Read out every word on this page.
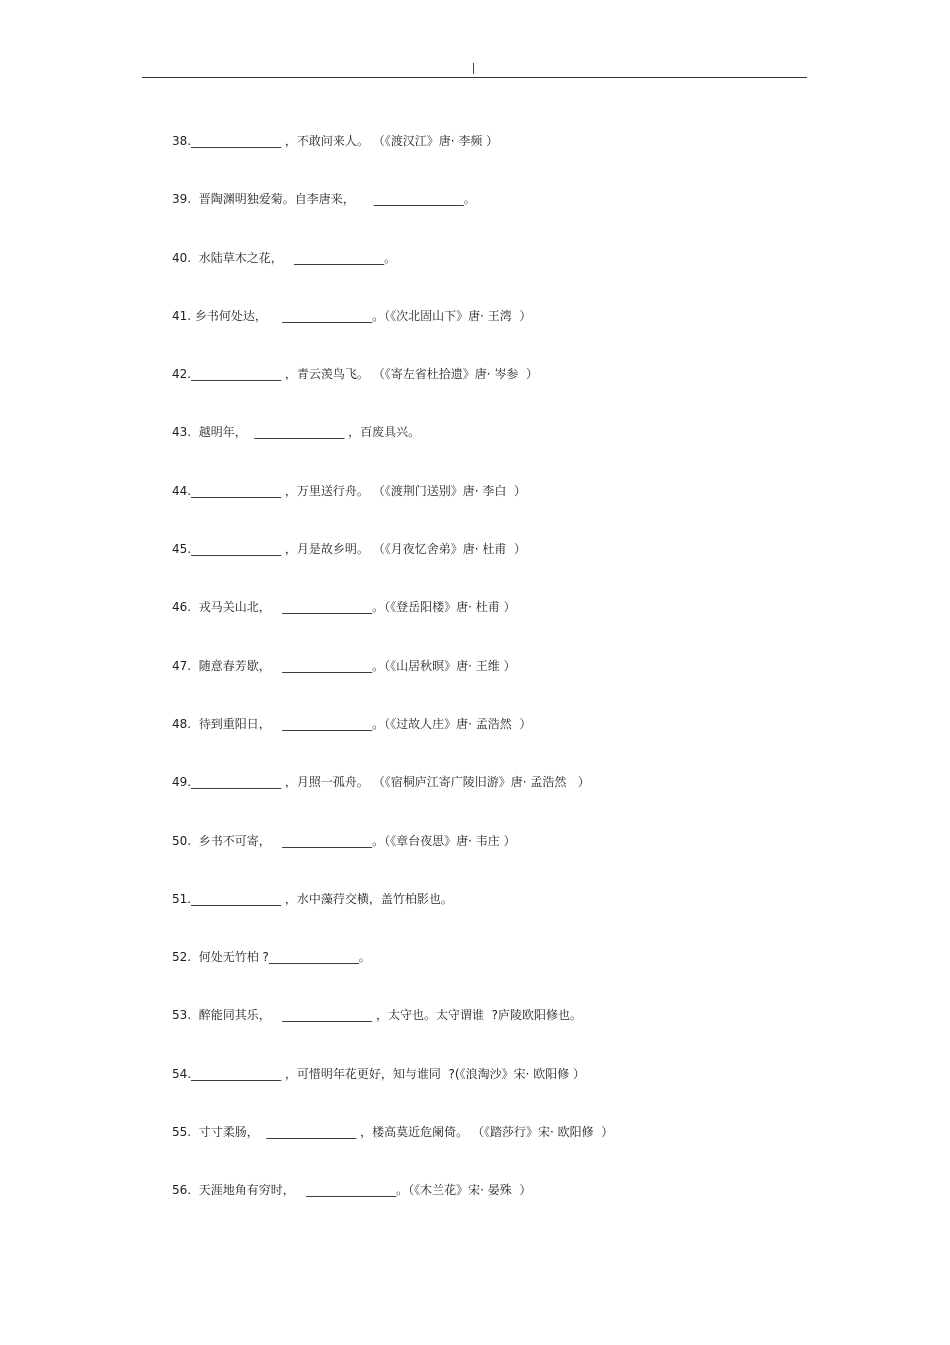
38._______________ ，不敢问来人。 （《渡汉江》唐· 李频 ）
39.  晋陶渊明独爱菊。自李唐来，     _______________。
40.  水陆草木之花，   _______________。
41. 乡书何处达，    _______________。（《次北固山下》唐· 王湾  ）
42._______________ ，青云羡鸟飞。 （《寄左省杜拾遗》唐· 岑参  ）
43.  越明年，  _______________ ，百废具兴。
44._______________ ，万里送行舟。 （《渡荆门送别》唐· 李白  ）
45._______________ ，月是故乡明。 （《月夜忆舍弟》唐· 杜甫  ）
46.  戎马关山北，   _______________。（《登岳阳楼》唐· 杜甫 ）
47.  随意春芳歇，   _______________。（《山居秋暝》唐· 王维 ）
48.  待到重阳日，   _______________。（《过故人庄》唐· 孟浩然  ）
49._______________ ，月照一孤舟。 （《宿桐庐江寄广陵旧游》唐· 孟浩然   ）
50.  乡书不可寄，   _______________。（《章台夜思》唐· 韦庄 ）
51._______________ ，水中藻荇交横，盖竹柏影也。
52.  何处无竹柏 ?_______________。
53.  醉能同其乐，   _______________ ，太守也。太守谓谁  ?庐陵欧阳修也。
54._______________ ，可惜明年花更好，知与谁同  ?(《浪淘沙》宋· 欧阳修 ）
55.  寸寸柔肠，  _______________ ，楼高莫近危阑倚。 （《踏莎行》宋· 欧阳修  ）
56.  天涯地角有穷时，   _______________。（《木兰花》宋· 晏殊  ）
